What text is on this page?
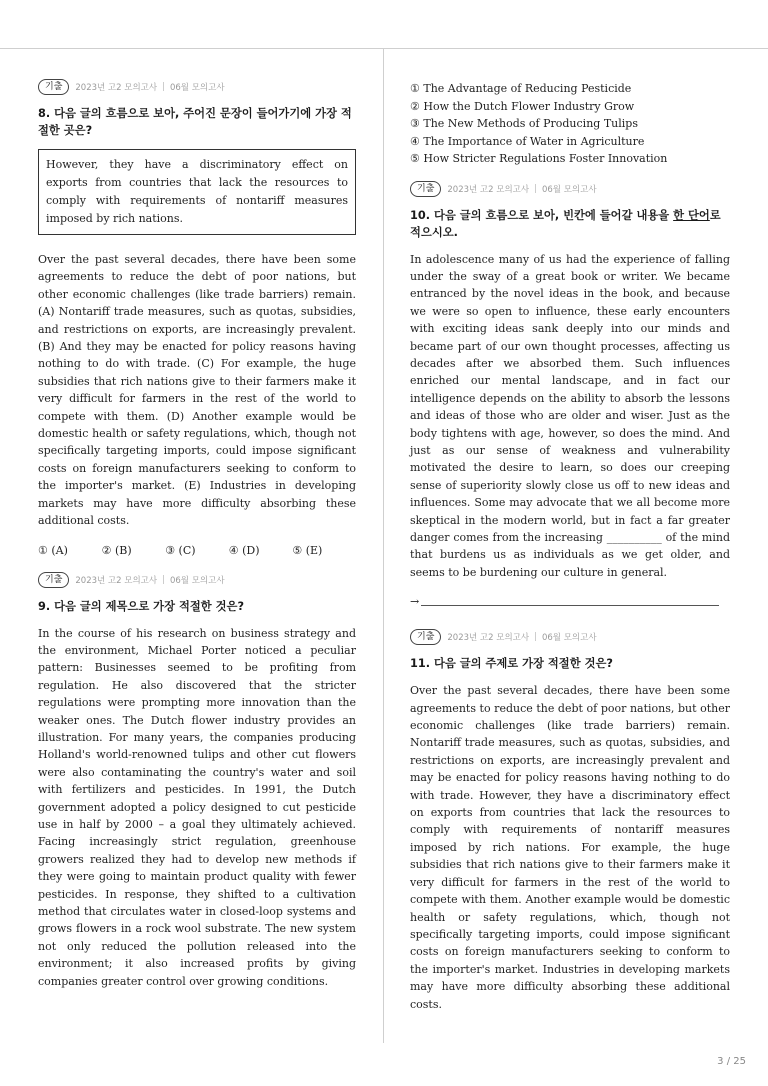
기출	2023년 고2 모의고사 | 06월 모의고사
8. 다음 글의 흐름으로 보아, 주어진 문장이 들어가기에 가장 적절한 곳은?
However, they have a discriminatory effect on exports from countries that lack the resources to comply with requirements of nontariff measures imposed by rich nations.

Over the past several decades, there have been some agreements to reduce the debt of poor nations, but other economic challenges (like trade barriers) remain. (A) Nontariff trade measures, such as quotas, subsidies, and restrictions on exports, are increasingly prevalent. (B) And they may be enacted for policy reasons having nothing to do with trade. (C) For example, the huge subsidies that rich nations give to their farmers make it very difficult for farmers in the rest of the world to compete with them. (D) Another example would be domestic health or safety regulations, which, though not specifically targeting imports, could impose significant costs on foreign manufacturers seeking to conform to the importer's market. (E) Industries in developing markets may have more difficulty absorbing these additional costs.

① (A)	② (B)	③ (C)	④ (D)	⑤ (E)
기출	2023년 고2 모의고사 | 06월 모의고사
9. 다음 글의 제목으로 가장 적절한 것은?

In the course of his research on business strategy and the environment, Michael Porter noticed a peculiar pattern: Businesses seemed to be profiting from regulation. He also discovered that the stricter regulations were prompting more innovation than the weaker ones. The Dutch flower industry provides an illustration. For many years, the companies producing Holland's world-renowned tulips and other cut flowers were also contaminating the country's water and soil with fertilizers and pesticides. In 1991, the Dutch government adopted a policy designed to cut pesticide use in half by 2000 – a goal they ultimately achieved. Facing increasingly strict regulation, greenhouse growers realized they had to develop new methods if they were going to maintain product quality with fewer pesticides. In response, they shifted to a cultivation method that circulates water in closed-loop systems and grows flowers in a rock wool substrate. The new system not only reduced the pollution released into the environment; it also increased profits by giving companies greater control over growing conditions.

① The Advantage of Reducing Pesticide
② How the Dutch Flower Industry Grow
③ The New Methods of Producing Tulips
④ The Importance of Water in Agriculture
⑤ How Stricter Regulations Foster Innovation
기출	2023년 고2 모의고사 | 06월 모의고사
10. 다음 글의 흐름으로 보아, 빈칸에 들어갈 내용을 한 단어로 적으시오.

In adolescence many of us had the experience of falling under the sway of a great book or writer. We became entranced by the novel ideas in the book, and because we were so open to influence, these early encounters with exciting ideas sank deeply into our minds and became part of our own thought processes, affecting us decades after we absorbed them. Such influences enriched our mental landscape, and in fact our intelligence depends on the ability to absorb the lessons and ideas of those who are older and wiser. Just as the body tightens with age, however, so does the mind. And just as our sense of weakness and vulnerability motivated the desire to learn, so does our creeping sense of superiority slowly close us off to new ideas and influences. Some may advocate that we all become more skeptical in the modern world, but in fact a far greater danger comes from the increasing __________ of the mind that burdens us as individuals as we get older, and seems to be burdening our culture in general.

→
기출	2023년 고2 모의고사 | 06월 모의고사
11. 다음 글의 주제로 가장 적절한 것은?

Over the past several decades, there have been some agreements to reduce the debt of poor nations, but other economic challenges (like trade barriers) remain. Nontariff trade measures, such as quotas, subsidies, and restrictions on exports, are increasingly prevalent and may be enacted for policy reasons having nothing to do with trade. However, they have a discriminatory effect on exports from countries that lack the resources to comply with requirements of nontariff measures imposed by rich nations. For example, the huge subsidies that rich nations give to their farmers make it very difficult for farmers in the rest of the world to compete with them. Another example would be domestic health or safety regulations, which, though not specifically targeting imports, could impose significant costs on foreign manufacturers seeking to conform to the importer's market. Industries in developing markets may have more difficulty absorbing these additional costs.

3 / 25
